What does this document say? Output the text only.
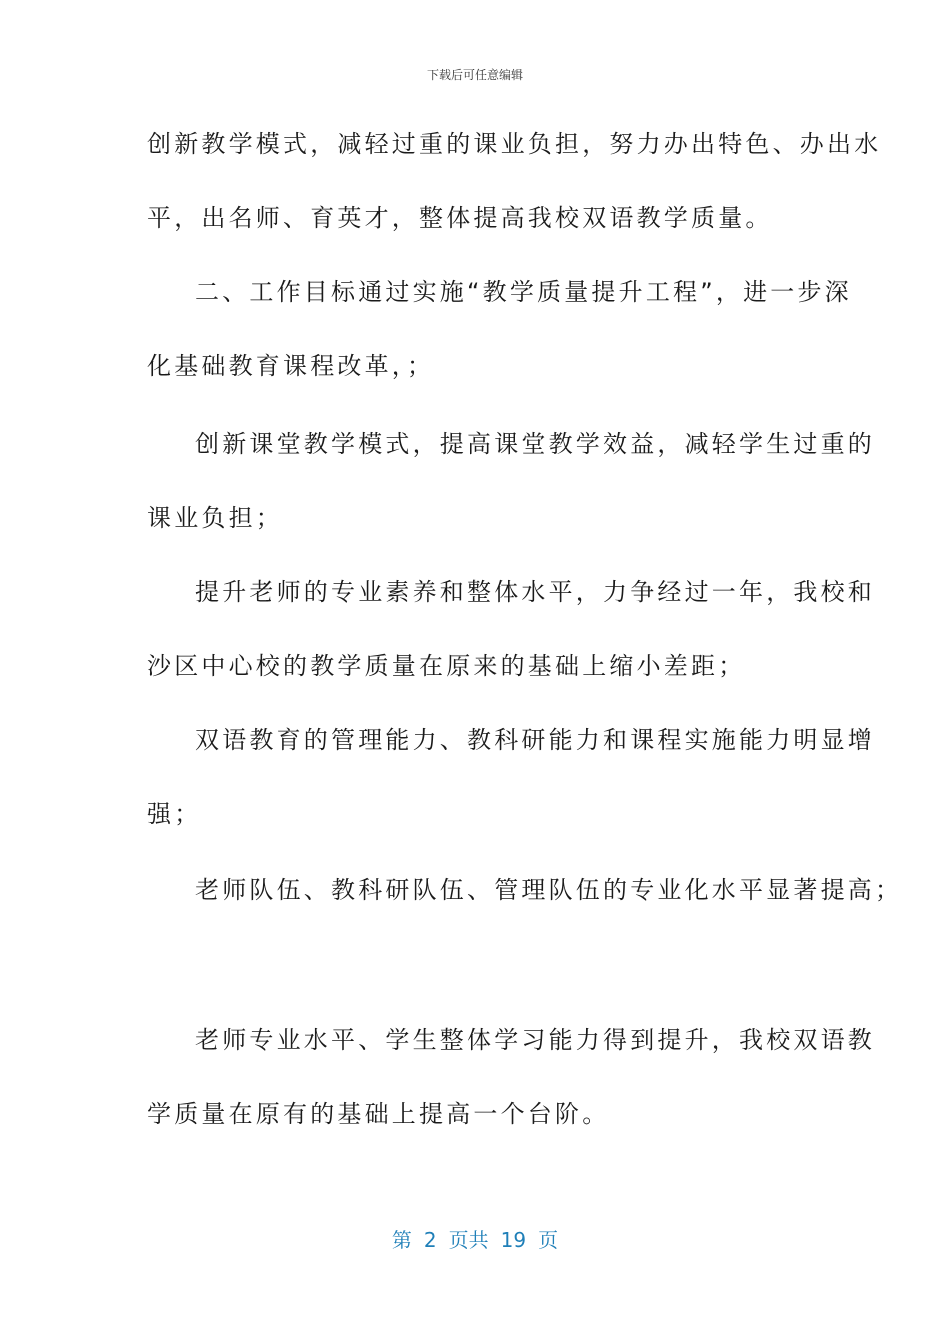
下载后可任意编辑
创新教学模式，减轻过重的课业负担，努力办出特色、办出水
平，出名师、育英才，整体提高我校双语教学质量。
二、工作目标通过实施“教学质量提升工程”，进一步深
化基础教育课程改革，；
创新课堂教学模式，提高课堂教学效益，减轻学生过重的
课业负担；
提升老师的专业素养和整体水平，力争经过一年，我校和
沙区中心校的教学质量在原来的基础上缩小差距；
双语教育的管理能力、教科研能力和课程实施能力明显增
强；
老师队伍、教科研队伍、管理队伍的专业化水平显著提高；
老师专业水平、学生整体学习能力得到提升，我校双语教
学质量在原有的基础上提高一个台阶。
第 2 页共 19 页
